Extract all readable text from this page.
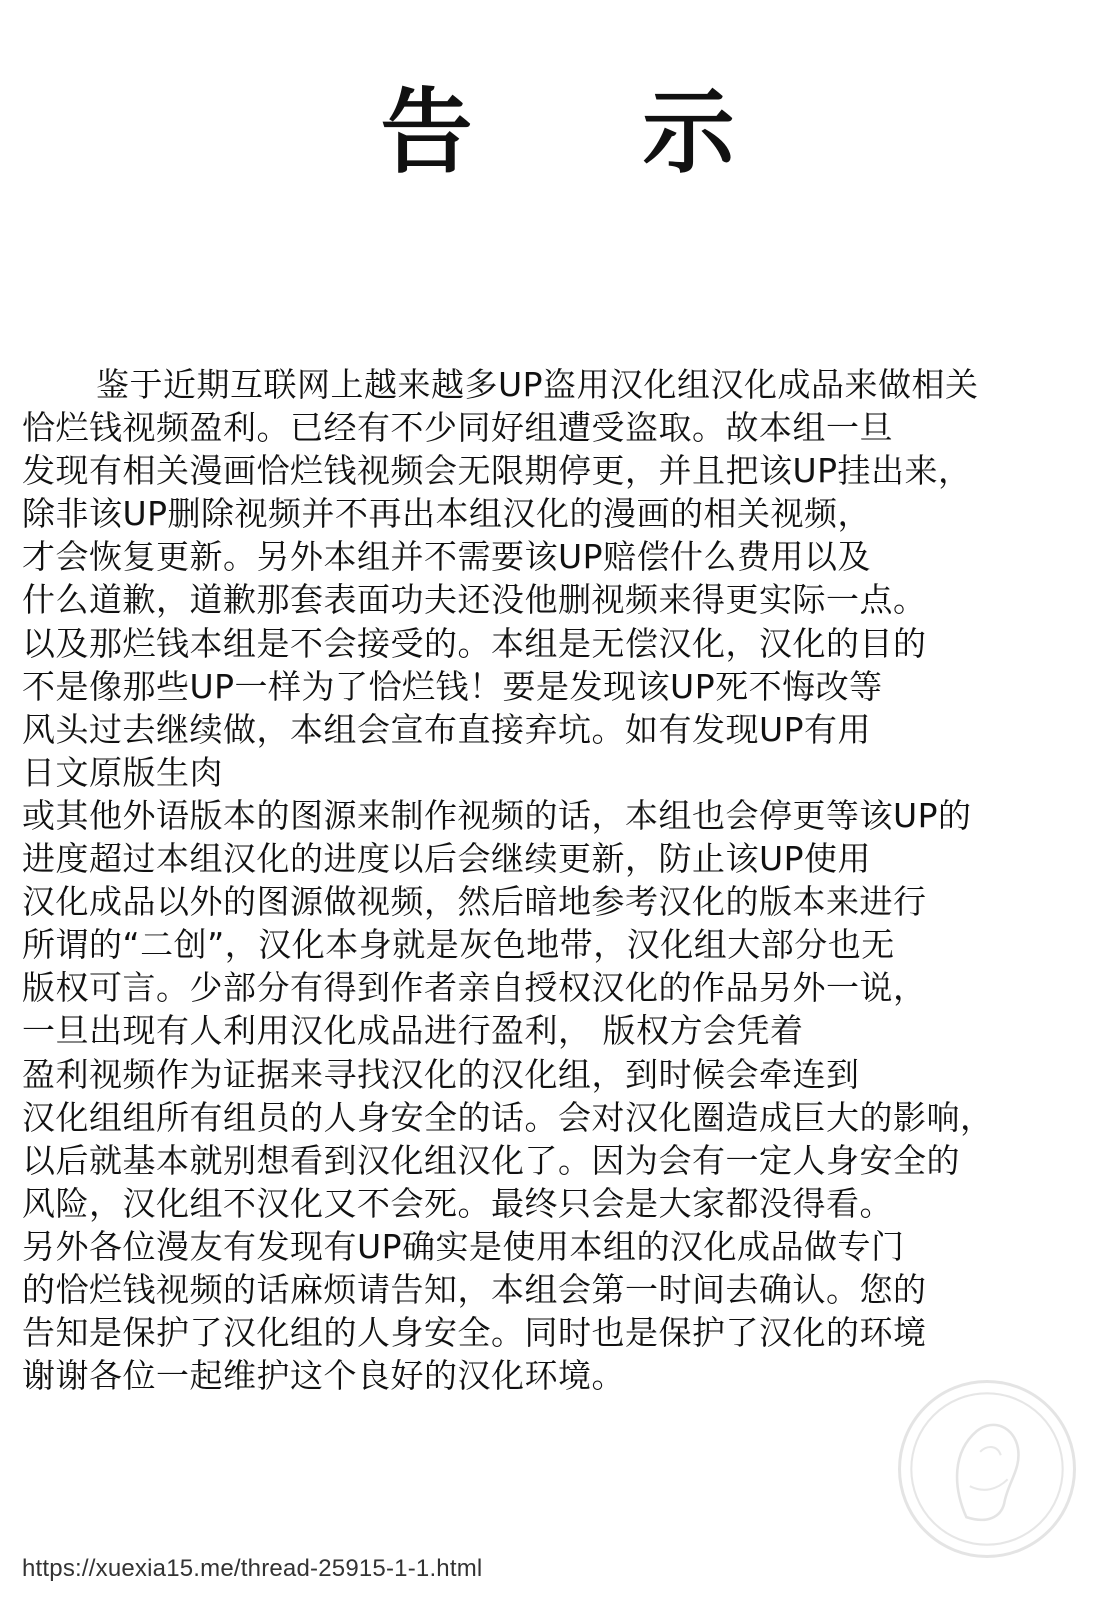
告 示
鉴于近期互联网上越来越多UP盗用汉化组汉化成品来做相关
恰烂钱视频盈利。已经有不少同好组遭受盗取。故本组一旦
发现有相关漫画恰烂钱视频会无限期停更，并且把该UP挂出来，
除非该UP删除视频并不再出本组汉化的漫画的相关视频，
才会恢复更新。另外本组并不需要该UP赔偿什么费用以及
什么道歉，道歉那套表面功夫还没他删视频来得更实际一点。
以及那烂钱本组是不会接受的。本组是无偿汉化，汉化的目的
不是像那些UP一样为了恰烂钱！要是发现该UP死不悔改等
风头过去继续做，本组会宣布直接弃坑。如有发现UP有用
日文原版生肉
或其他外语版本的图源来制作视频的话，本组也会停更等该UP的
进度超过本组汉化的进度以后会继续更新，防止该UP使用
汉化成品以外的图源做视频，然后暗地参考汉化的版本来进行
所谓的“二创”，汉化本身就是灰色地带，汉化组大部分也无
版权可言。少部分有得到作者亲自授权汉化的作品另外一说，
一旦出现有人利用汉化成品进行盈利， 版权方会凭着
盈利视频作为证据来寻找汉化的汉化组，到时候会牵连到
汉化组组所有组员的人身安全的话。会对汉化圈造成巨大的影响，
以后就基本就别想看到汉化组汉化了。因为会有一定人身安全的
风险，汉化组不汉化又不会死。最终只会是大家都没得看。
另外各位漫友有发现有UP确实是使用本组的汉化成品做专门
的恰烂钱视频的话麻烦请告知，本组会第一时间去确认。您的
告知是保护了汉化组的人身安全。同时也是保护了汉化的环境
谢谢各位一起维护这个良好的汉化环境。
https://xuexia15.me/thread-25915-1-1.html
